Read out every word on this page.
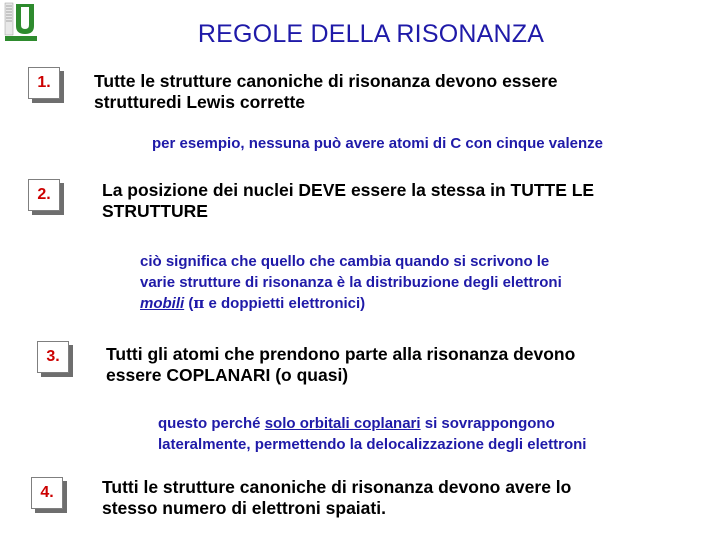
REGOLE DELLA RISONANZA
1. Tutte le strutture canoniche di risonanza devono essere
strutturedi Lewis corrette
per esempio, nessuna può avere atomi di C con cinque valenze
2.	La posizione dei nuclei DEVE essere la stessa in TUTTE LE
STRUTTURE
ciò significa che quello che cambia quando si scrivono le
varie strutture di risonanza è la distribuzione degli elettroni
mobili (π e doppietti elettronici)
3.	Tutti gli atomi che prendono parte alla risonanza devono
essere COPLANARI (o quasi)
questo perché solo orbitali coplanari si sovrappongono
lateralmente, permettendo la delocalizzazione degli elettroni
4.	Tutti le strutture canoniche di risonanza devono avere lo
stesso numero di elettroni spaiati.
